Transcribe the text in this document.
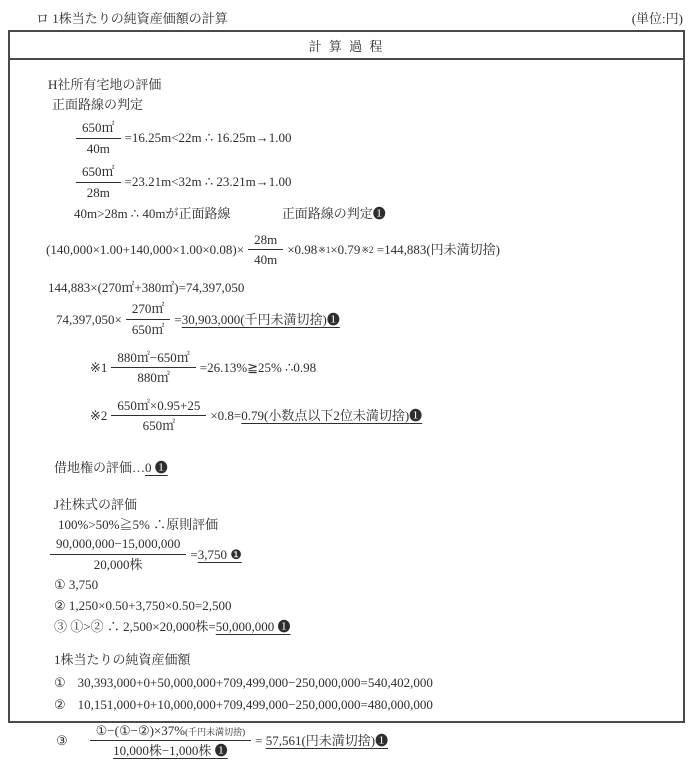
ロ 1株当たりの純資産価額の計算	(単位:円)
計 算 過 程
H社所有宅地の評価
正面路線の判定
$\frac{650㎡}{40m} =16.25m<22m$ ∴ 16.25m→1.00
$\frac{650㎡}{28m} =23.21m<32m$ ∴ 23.21m→1.00
40m>28m ∴ 40mが正面路線	正面路線の判定❶
$(140,000\times 1.00+140,000\times 1.00\times 0.08)\times \frac{28m}{40m} \times 0.98$ ※1 ×0.79 ※2 =144,883(円未満切捨)
144,883×(270㎡+380㎡)=74,397,050
$74,397,050\times \frac{270㎡}{650㎡} = 30,903,000$(千円未満切捨)❶
※1 $\frac{880㎡-650㎡}{880㎡}$ =26.13%≧25% ∴0.98
※2 $\frac{650㎡\times 0.95+25}{650㎡} \times 0.8= 0.79$(小数点以下2位未満切捨)❶
借地権の評価…0 ❶
J社株式の評価
100%>50%≧5% ∴原則評価
$\frac{90,000,000-15,000,000}{\text{20,000株}} = 3,750$ ❶
① 3,750
② 1,250×0.50+3,750×0.50=2,500
③ ①>② ∴ 2,500×20,000株=50,000,000 ❶
1株当たりの純資産価額
① 30,393,000+0+50,000,000+709,499,000−250,000,000=540,402,000
② 10,151,000+0+10,000,000+709,499,000−250,000,000=480,000,000
③ $\frac{\text{①−(①−②)×37\%(千円未満切捨)}}{\text{10,000株−1,000株 ❶}} = 57,561$(円未満切捨)❶
